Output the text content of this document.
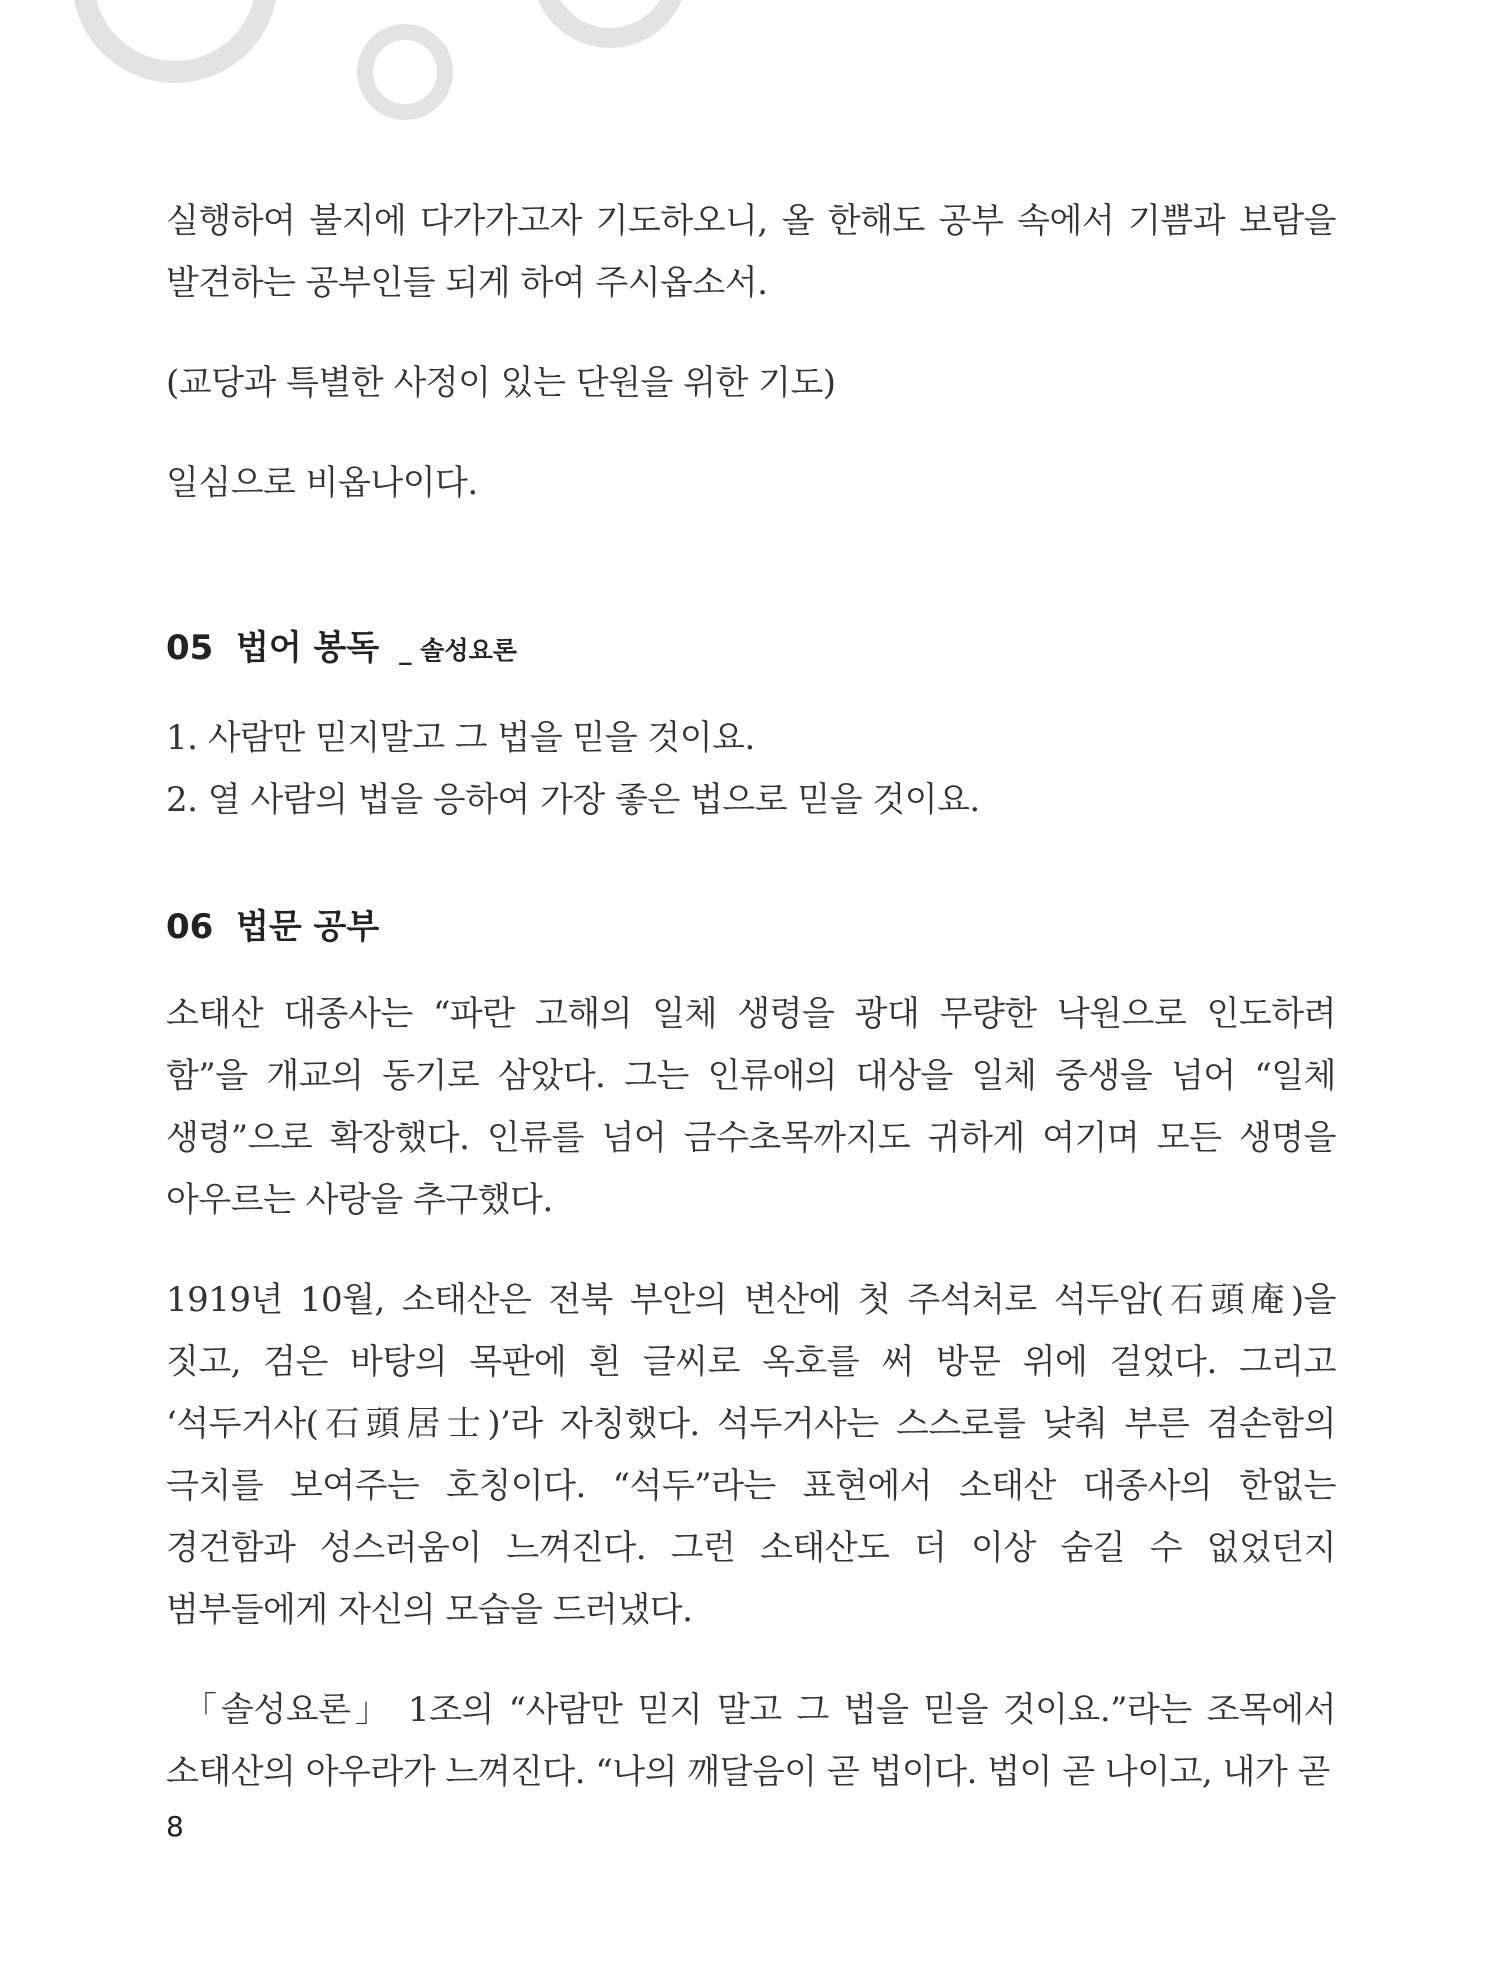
실행하여 불지에 다가가고자 기도하오니, 올 한해도 공부 속에서 기쁨과 보람을 발견하는 공부인들 되게 하여 주시옵소서.

(교당과 특별한 사정이 있는 단원을 위한 기도)

일심으로 비옵나이다.

05 법어 봉독 _ 솔성요론

1. 사람만 믿지말고 그 법을 믿을 것이요.

2. 열 사람의 법을 응하여 가장 좋은 법으로 믿을 것이요.

06 법문 공부

소태산 대종사는 “파란 고해의 일체 생령을 광대 무량한 낙원으로 인도하려 함”을 개교의 동기로 삼았다. 그는 인류애의 대상을 일체 중생을 넘어 “일체 생령”으로 확장했다. 인류를 넘어 금수초목까지도 귀하게 여기며 모든 생명을 아우르는 사랑을 추구했다.

1919년 10월, 소태산은 전북 부안의 변산에 첫 주석처로 석두암(石頭庵)을 짓고, 검은 바탕의 목판에 흰 글씨로 옥호를 써 방문 위에 걸었다. 그리고 ‘석두거사(石頭居士)’라 자칭했다. 석두거사는 스스로를 낮춰 부른 겸손함의 극치를 보여주는 호칭이다. “석두”라는 표현에서 소태산 대종사의 한없는 경건함과 성스러움이 느껴진다. 그런 소태산도 더 이상 숨길 수 없었던지 범부들에게 자신의 모습을 드러냈다.

「솔성요론」 1조의 “사람만 믿지 말고 그 법을 믿을 것이요.”라는 조목에서 소태산의 아우라가 느껴진다. “나의 깨달음이 곧 법이다. 법이 곧 나이고, 내가 곧

8
